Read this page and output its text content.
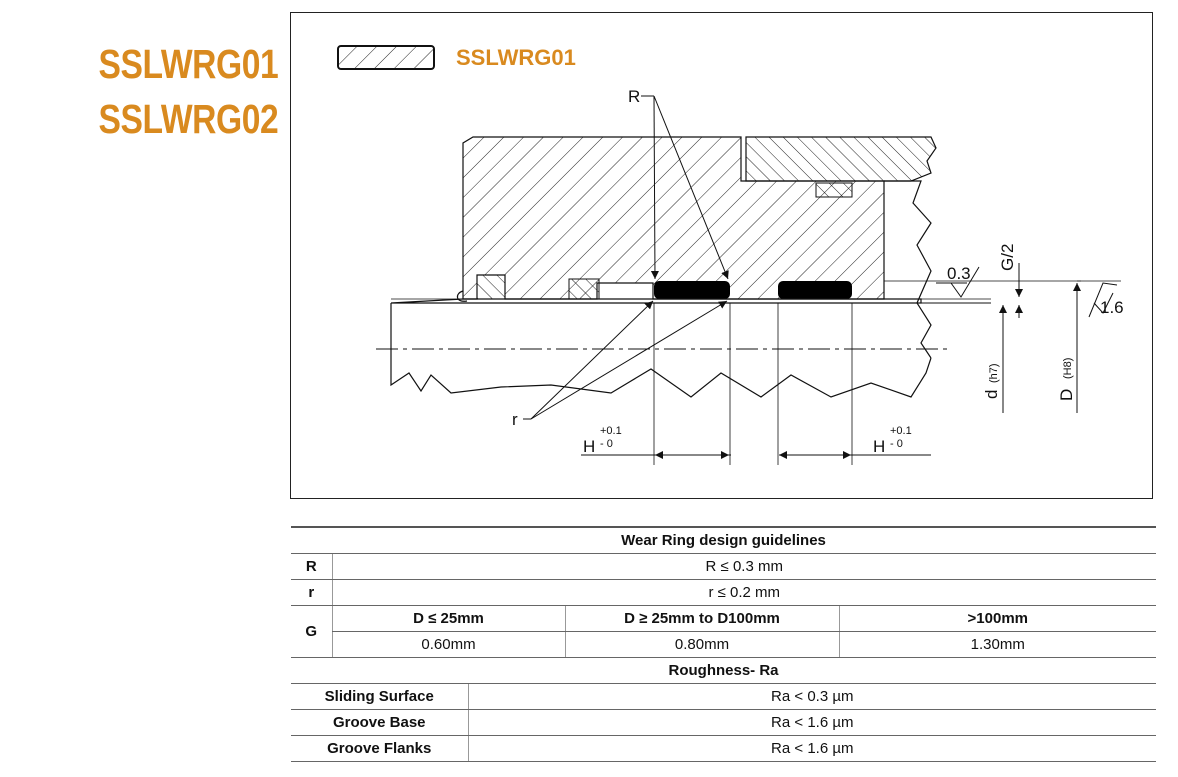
SSLWRG01
SSLWRG02
SSLWRG01
R
r
H
+0.1
- 0	H
+0.1
- 0
G/2
0.3
d
(h7)
D
(H8)
1.6
Wear Ring design guidelines				
R	R ≤ 0.3 mm			
r	r ≤ 0.2 mm			
G	D ≤ 25mm		D ≥ 25mm to D100mm	>100mm
	0.60mm		0.80mm	1.30mm
Roughness- Ra				
Sliding Surface		Ra < 0.3 µm		
Groove Base		Ra < 1.6 µm		
Groove Flanks		Ra < 1.6 µm		
